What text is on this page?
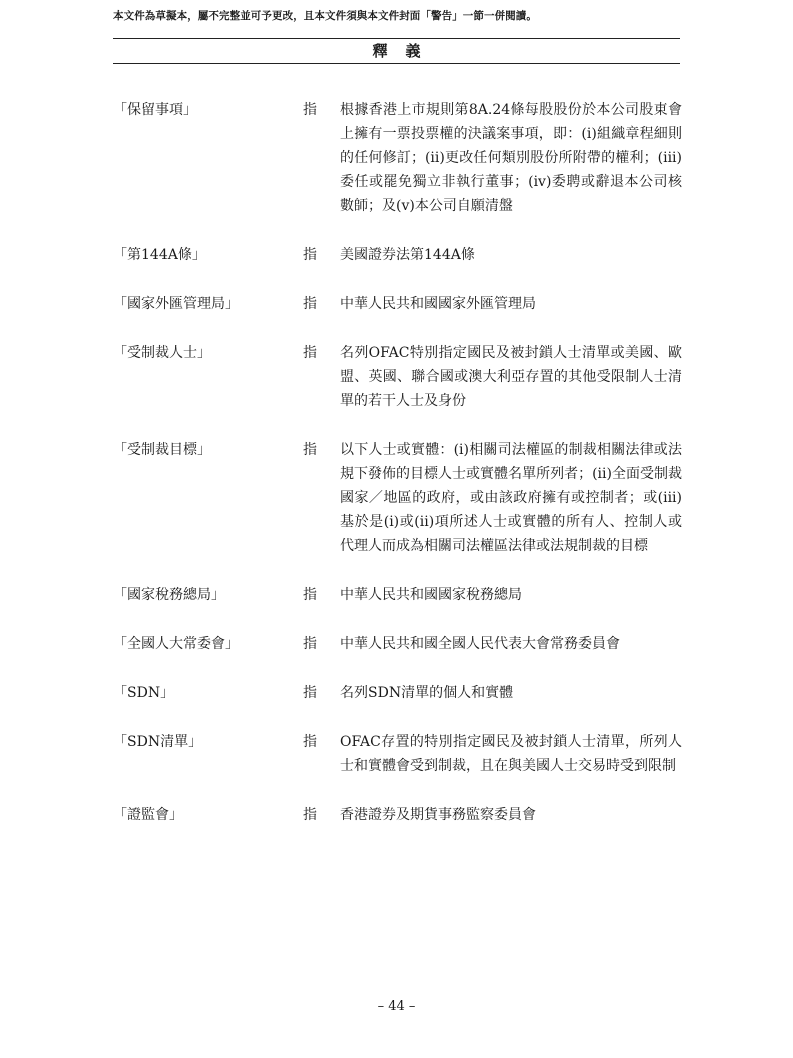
本文件為草擬本，屬不完整並可予更改，且本文件須與本文件封面「警告」一節一併閱讀。
釋義
「保留事項」	指	根據香港上市規則第8A.24條每股股份於本公司股東會上擁有一票投票權的決議案事項，即：(i)組織章程細則的任何修訂；(ii)更改任何類別股份所附帶的權利；(iii)委任或罷免獨立非執行董事；(iv)委聘或辭退本公司核數師；及(v)本公司自願清盤
「第144A條」	指	美國證券法第144A條
「國家外匯管理局」	指	中華人民共和國國家外匯管理局
「受制裁人士」	指	名列OFAC特別指定國民及被封鎖人士清單或美國、歐盟、英國、聯合國或澳大利亞存置的其他受限制人士清單的若干人士及身份
「受制裁目標」	指	以下人士或實體：(i)相關司法權區的制裁相關法律或法規下發佈的目標人士或實體名單所列者；(ii)全面受制裁國家／地區的政府，或由該政府擁有或控制者；或(iii)基於是(i)或(ii)項所述人士或實體的所有人、控制人或代理人而成為相關司法權區法律或法規制裁的目標
「國家稅務總局」	指	中華人民共和國國家稅務總局
「全國人大常委會」	指	中華人民共和國全國人民代表大會常務委員會
「SDN」	指	名列SDN清單的個人和實體
「SDN清單」	指	OFAC存置的特別指定國民及被封鎖人士清單，所列人士和實體會受到制裁，且在與美國人士交易時受到限制
「證監會」	指	香港證券及期貨事務監察委員會
– 44 –
